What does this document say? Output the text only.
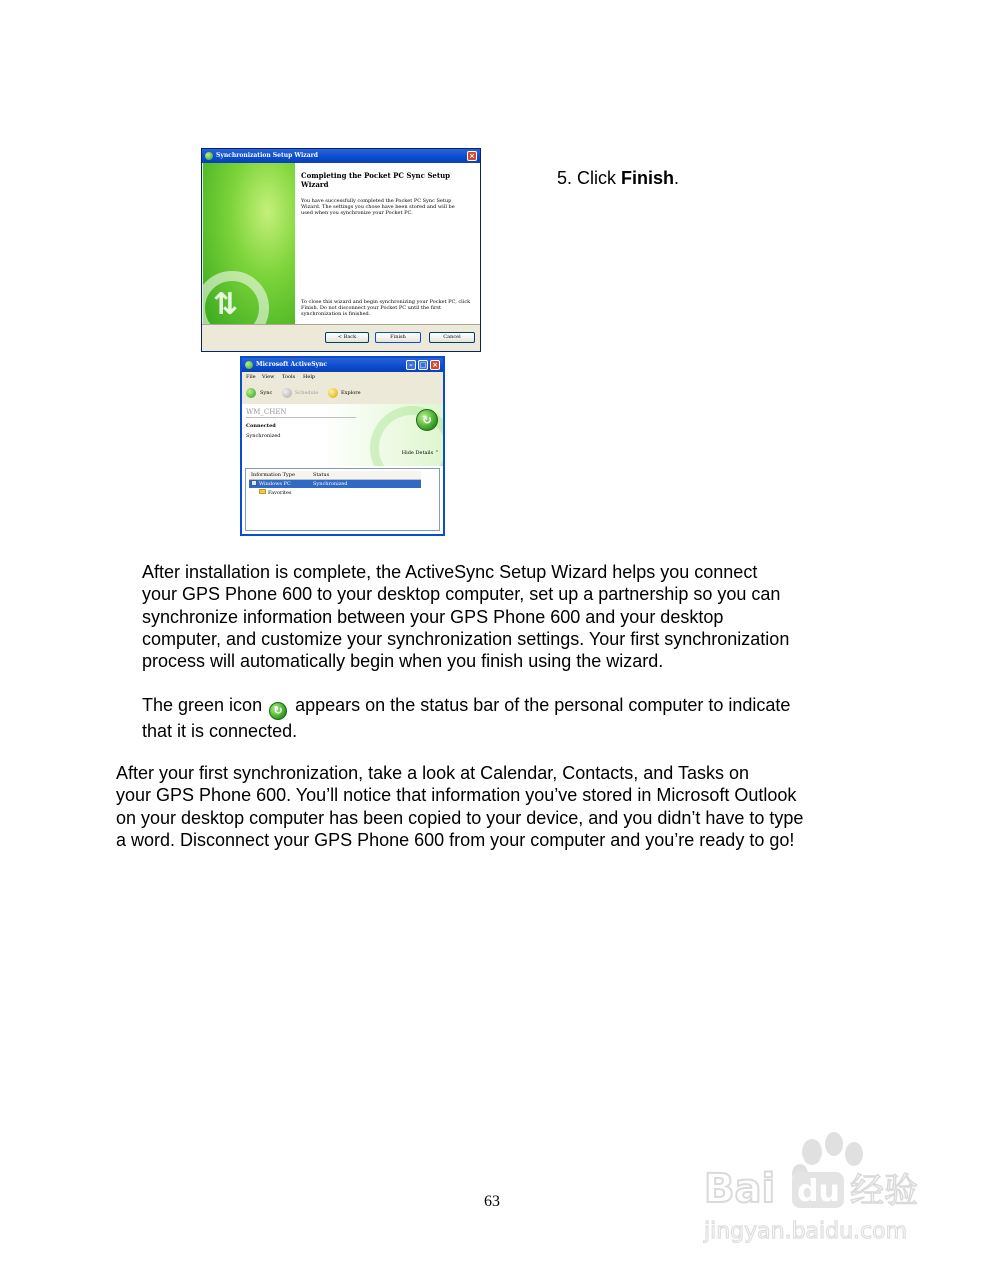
Synchronization Setup Wizard	×
⇅
Completing the Pocket PC Sync Setup Wizard
You have successfully completed the Pocket PC Sync Setup Wizard. The settings you chose have been stored and will be used when you synchronize your Pocket PC.
To close this wizard and begin synchronizing your Pocket PC, click Finish. Do not disconnect your Pocket PC until the first synchronization is finished.
< Back	Finish	Cancel
Microsoft ActiveSync	– □ ×
File View Tools Help
Sync	Schedule	Explore
↻
WM_CHEN
Connected
Synchronized
Hide Details ⌃
Information Type	Status
Windows PC	Synchronized
Favorites
5. Click Finish.
After installation is complete, the ActiveSync Setup Wizard helps you connect
your GPS Phone 600 to your desktop computer, set up a partnership so you can
synchronize information between your GPS Phone 600 and your desktop
computer, and customize your synchronization settings. Your first synchronization
process will automatically begin when you finish using the wizard.
The green icon ↻ appears on the status bar of the personal computer to indicate
that it is connected.
After your first synchronization, take a look at Calendar, Contacts, and Tasks on
your GPS Phone 600. You’ll notice that information you’ve stored in Microsoft Outlook
on your desktop computer has been copied to your device, and you didn’t have to type
a word. Disconnect your GPS Phone 600 from your computer and you’re ready to go!
63	Bai du 经验
jingyan.baidu.com
